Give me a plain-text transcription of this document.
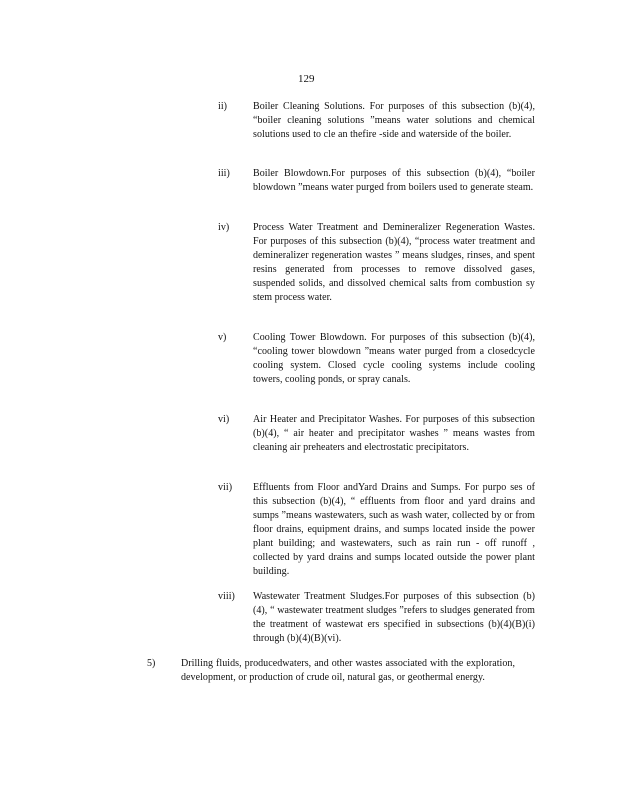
129
ii)	Boiler Cleaning Solutions. For purposes of this subsection (b)(4), “boiler cleaning solutions ”means water solutions and chemical solutions used to cle an thefire -side and waterside of the boiler.
iii)	Boiler Blowdown.For purposes of this subsection (b)(4), “boiler blowdown ”means water purged from boilers used to generate steam.
iv)	Process Water Treatment and Demineralizer Regeneration Wastes. For purposes of this subsection (b)(4), “process water treatment and demineralizer regeneration wastes ” means sludges, rinses, and spent resins generated from processes to remove dissolved gases, suspended solids, and dissolved chemical salts from combustion sy stem process water.
v)	Cooling Tower Blowdown. For purposes of this subsection (b)(4), “cooling tower blowdown ”means water purged from a closedcycle cooling system. Closed cycle cooling systems include cooling towers, cooling ponds, or spray canals.
vi)	Air Heater and Precipitator Washes. For purposes of this subsection (b)(4), “ air heater and precipitator washes ” means wastes from cleaning air preheaters and electrostatic precipitators.
vii)	Effluents from Floor andYard Drains and Sumps. For purpo ses of this subsection (b)(4), “ effluents from floor and yard drains and sumps ”means wastewaters, such as wash water, collected by or from floor drains, equipment drains, and sumps located inside the power plant building; and wastewaters, such as rain run - off runoff , collected by yard drains and sumps located outside the power plant building.
viii)	Wastewater Treatment Sludges.For purposes of this subsection (b)(4), “ wastewater treatment sludges ”refers to sludges generated from the treatment of wastewat ers specified in subsections (b)(4)(B)(i) through (b)(4)(B)(vi).
5)	Drilling fluids, producedwaters, and other wastes associated with the exploration, development, or production of crude oil, natural gas, or geothermal energy.
